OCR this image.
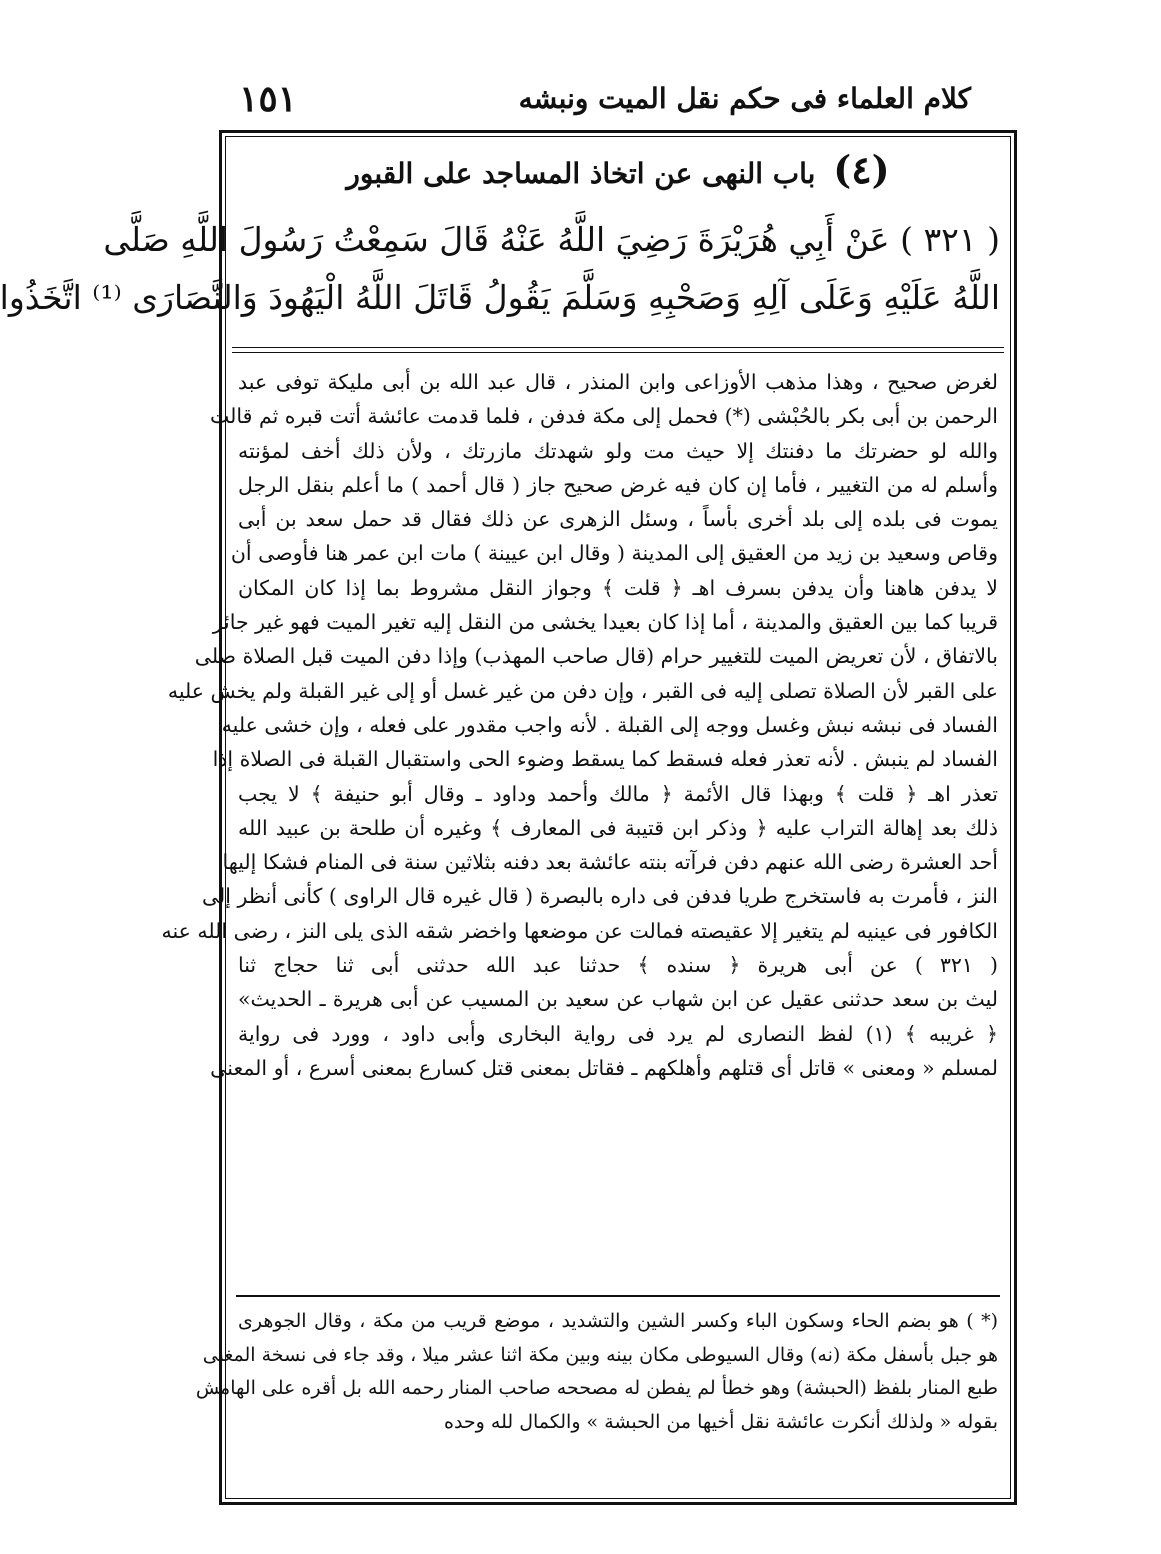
١٥١	كلام العلماء فى حكم نقل الميت ونبشه
(٤) باب النهى عن اتخاذ المساجد على القبور
( ٣٢١ ) عَنْ أَبِي هُرَيْرَةَ رَضِيَ اللَّهُ عَنْهُ قَالَ سَمِعْتُ رَسُولَ اللَّهِ صَلَّى
اللَّهُ عَلَيْهِ وَعَلَى آلِهِ وَصَحْبِهِ وَسَلَّمَ يَقُولُ قَاتَلَ اللَّهُ الْيَهُودَ وَالنَّصَارَى ⁽¹⁾ اتَّخَذُوا
لغرض صحيح ، وهذا مذهب الأوزاعى وابن المنذر ، قال عبد الله بن أبى مليكة توفى عبد
الرحمن بن أبى بكر بالحُبْشى (*) فحمل إلى مكة فدفن ، فلما قدمت عائشة أتت قبره ثم قالت
والله لو حضرتك ما دفنتك إلا حيث مت ولو شهدتك مازرتك ، ولأن ذلك أخف لمؤنته
وأسلم له من التغيير ، فأما إن كان فيه غرض صحيح جاز ( قال أحمد ) ما أعلم بنقل الرجل
يموت فى بلده إلى بلد أخرى بأساً ، وسئل الزهرى عن ذلك فقال قد حمل سعد بن أبى
وقاص وسعيد بن زيد من العقيق إلى المدينة ( وقال ابن عيينة ) مات ابن عمر هنا فأوصى أن
لا يدفن هاهنا وأن يدفن بسرف اهـ ﴿ قلت ﴾ وجواز النقل مشروط بما إذا كان المكان
قريبا كما بين العقيق والمدينة ، أما إذا كان بعيدا يخشى من النقل إليه تغير الميت فهو غير جائز
بالاتفاق ، لأن تعريض الميت للتغيير حرام (قال صاحب المهذب) وإذا دفن الميت قبل الصلاة صلى
على القبر لأن الصلاة تصلى إليه فى القبر ، وإن دفن من غير غسل أو إلى غير القبلة ولم يخش عليه
الفساد فى نبشه نبش وغسل ووجه إلى القبلة . لأنه واجب مقدور على فعله ، وإن خشى عليه
الفساد لم ينبش . لأنه تعذر فعله فسقط كما يسقط وضوء الحى واستقبال القبلة فى الصلاة إذا
تعذر اهـ ﴿ قلت ﴾ وبهذا قال الأئمة ﴿ مالك وأحمد وداود ـ وقال أبو حنيفة ﴾ لا يجب
ذلك بعد إهالة التراب عليه ﴿ وذكر ابن قتيبة فى المعارف ﴾ وغيره أن طلحة بن عبيد الله
أحد العشرة رضى الله عنهم دفن فرآته بنته عائشة بعد دفنه بثلاثين سنة فى المنام فشكا إليها
النز ، فأمرت به فاستخرج طريا فدفن فى داره بالبصرة ( قال غيره قال الراوى ) كأنى أنظر إلى
الكافور فى عينيه لم يتغير إلا عقيصته فمالت عن موضعها واخضر شقه الذى يلى النز ، رضى الله عنه
( ٣٢١ ) عن أبى هريرة ﴿ سنده ﴾ حدثنا عبد الله حدثنى أبى ثنا حجاج ثنا
ليث بن سعد حدثنى عقيل عن ابن شهاب عن سعيد بن المسيب عن أبى هريرة ـ الحديث»
﴿ غريبه ﴾ (١) لفظ النصارى لم يرد فى رواية البخارى وأبى داود ، وورد فى رواية
لمسلم « ومعنى » قاتل أى قتلهم وأهلكهم ـ فقاتل بمعنى قتل كسارع بمعنى أسرع ، أو المعنى
(* ) هو بضم الحاء وسكون الباء وكسر الشين والتشديد ، موضع قريب من مكة ، وقال الجوهرى
هو جبل بأسفل مكة (نه) وقال السيوطى مكان بينه وبين مكة اثنا عشر ميلا ، وقد جاء فى نسخة المغنى
طبع المنار بلفظ (الحبشة) وهو خطأ لم يفطن له مصححه صاحب المنار رحمه الله بل أقره على الهامش
بقوله « ولذلك أنكرت عائشة نقل أخيها من الحبشة » والكمال لله وحده
